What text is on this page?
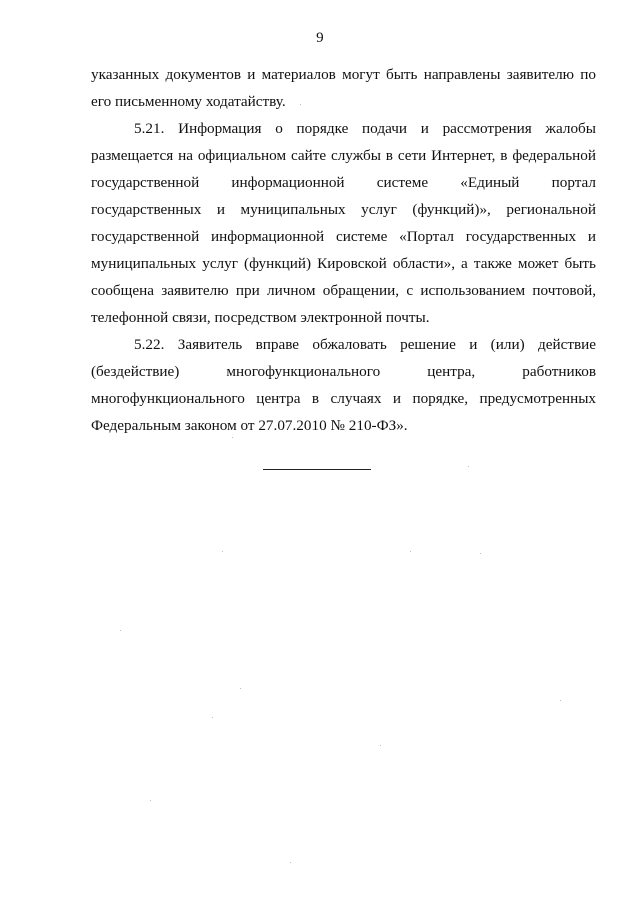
9
указанных документов и материалов могут быть направлены заявителю по
его письменному ходатайству.
5.21. Информация о порядке подачи и рассмотрения жалобы
размещается на официальном сайте службы в сети Интернет, в федеральной
государственной информационной системе «Единый портал
государственных и муниципальных услуг (функций)», региональной
государственной информационной системе «Портал государственных и
муниципальных услуг (функций) Кировской области», а также может быть
сообщена заявителю при личном обращении, с использованием почтовой,
телефонной связи, посредством электронной почты.
5.22. Заявитель вправе обжаловать решение и (или) действие
(бездействие) многофункционального центра, работников
многофункционального центра в случаях и порядке, предусмотренных
Федеральным законом от 27.07.2010 № 210-ФЗ».
